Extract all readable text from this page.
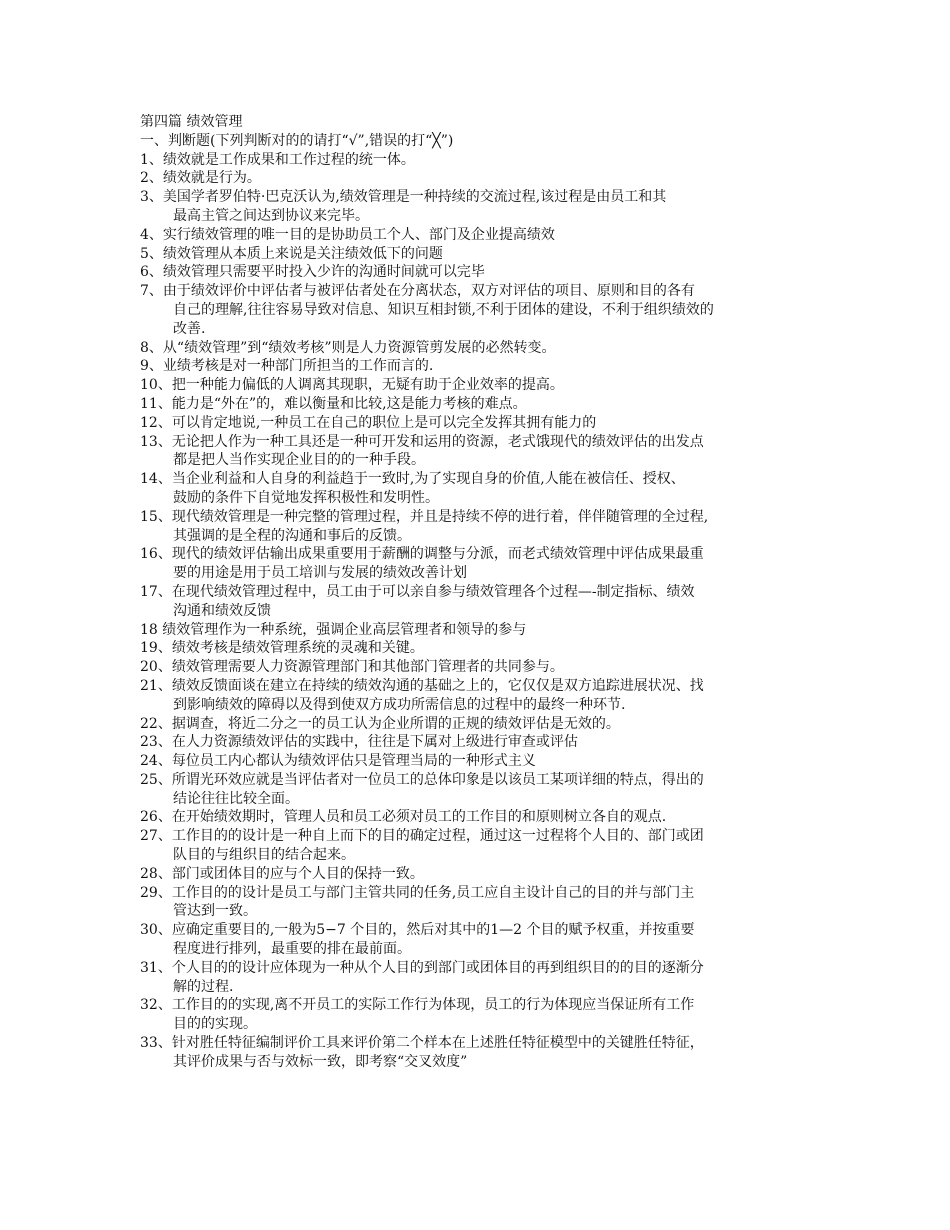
第四篇 绩效管理
一、判断题(下列判断对的的请打“√”,错误的打“╳”)
1、绩效就是工作成果和工作过程的统一体。
2、绩效就是行为。
3、美国学者罗伯特·巴克沃认为,绩效管理是一种持续的交流过程,该过程是由员工和其
最高主管之间达到协议来完毕。
4、实行绩效管理的唯一目的是协助员工个人、部门及企业提高绩效
5、绩效管理从本质上来说是关注绩效低下的问题
6、绩效管理只需要平时投入少许的沟通时间就可以完毕
7、由于绩效评价中评估者与被评估者处在分离状态，双方对评估的项目、原则和目的各有
自己的理解,往往容易导致对信息、知识互相封锁,不利于团体的建设，不利于组织绩效的
改善.
8、从“绩效管理”到“绩效考核”则是人力资源管剪发展的必然转变。
9、业绩考核是对一种部门所担当的工作而言的.
10、把一种能力偏低的人调离其现职，无疑有助于企业效率的提高。
11、能力是“外在”的，难以衡量和比较,这是能力考核的难点。
12、可以肯定地说,一种员工在自己的职位上是可以完全发挥其拥有能力的
13、无论把人作为一种工具还是一种可开发和运用的资源，老式饿现代的绩效评估的出发点
都是把人当作实现企业目的的一种手段。
14、当企业利益和人自身的利益趋于一致时,为了实现自身的价值,人能在被信任、授权、
鼓励的条件下自觉地发挥积极性和发明性。
15、现代绩效管理是一种完整的管理过程，并且是持续不停的进行着，伴伴随管理的全过程,
其强调的是全程的沟通和事后的反馈。
16、现代的绩效评估输出成果重要用于薪酬的调整与分派，而老式绩效管理中评估成果最重
要的用途是用于员工培训与发展的绩效改善计划
17、在现代绩效管理过程中，员工由于可以亲自参与绩效管理各个过程—-制定指标、绩效
沟通和绩效反馈
18 绩效管理作为一种系统，强调企业高层管理者和领导的参与
19、绩效考核是绩效管理系统的灵魂和关键。
20、绩效管理需要人力资源管理部门和其他部门管理者的共同参与。
21、绩效反馈面谈在建立在持续的绩效沟通的基础之上的，它仅仅是双方追踪进展状况、找
到影响绩效的障碍以及得到使双方成功所需信息的过程中的最终一种环节.
22、据调查，将近二分之一的员工认为企业所谓的正规的绩效评估是无效的。
23、在人力资源绩效评估的实践中，往往是下属对上级进行审查或评估
24、每位员工内心都认为绩效评估只是管理当局的一种形式主义
25、所谓光环效应就是当评估者对一位员工的总体印象是以该员工某项详细的特点，得出的
结论往往比较全面。
26、在开始绩效期时，管理人员和员工必须对员工的工作目的和原则树立各自的观点.
27、工作目的的设计是一种自上而下的目的确定过程，通过这一过程将个人目的、部门或团
队目的与组织目的结合起来。
28、部门或团体目的应与个人目的保持一致。
29、工作目的的设计是员工与部门主管共同的任务,员工应自主设计自己的目的并与部门主
管达到一致。
30、应确定重要目的,一般为5−7 个目的，然后对其中的1—2 个目的赋予权重，并按重要
程度进行排列，最重要的排在最前面。
31、个人目的的设计应体现为一种从个人目的到部门或团体目的再到组织目的的目的逐渐分
解的过程.
32、工作目的的实现,离不开员工的实际工作行为体现，员工的行为体现应当保证所有工作
目的的实现。
33、针对胜任特征编制评价工具来评价第二个样本在上述胜任特征模型中的关键胜任特征，
其评价成果与否与效标一致，即考察“交叉效度”
